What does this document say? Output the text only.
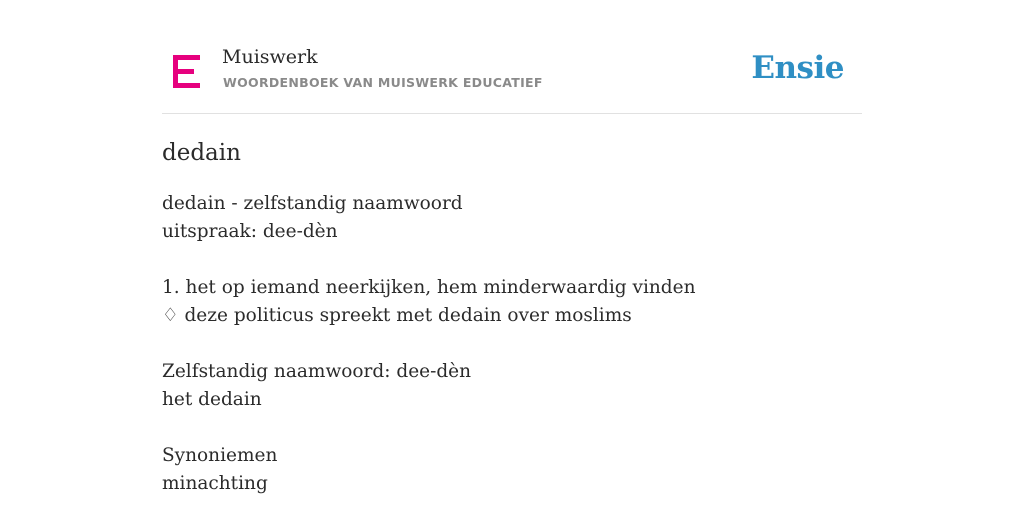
Muiswerk
WOORDENBOEK VAN MUISWERK EDUCATIEF	Ensie
dedain
dedain - zelfstandig naamwoord
uitspraak: dee-dèn
1. het op iemand neerkijken, hem minderwaardig vinden
♢ deze politicus spreekt met dedain over moslims
Zelfstandig naamwoord: dee-dèn
het dedain
Synoniemen
minachting
